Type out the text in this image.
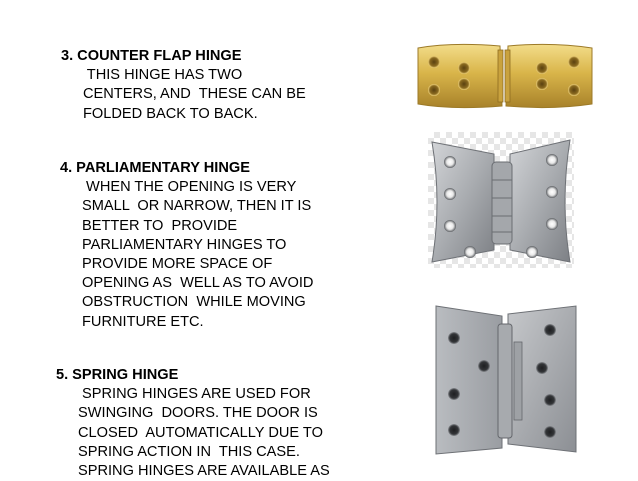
3. COUNTER FLAP HINGE
THIS HINGE HAS TWO
CENTERS, AND  THESE CAN BE
FOLDED BACK TO BACK.
4. PARLIAMENTARY HINGE
WHEN THE OPENING IS VERY
SMALL  OR NARROW, THEN IT IS
BETTER TO  PROVIDE
PARLIAMENTARY HINGES TO
PROVIDE MORE SPACE OF
OPENING AS  WELL AS TO AVOID
OBSTRUCTION  WHILE MOVING
FURNITURE ETC.
5. SPRING HINGE
SPRING HINGES ARE USED FOR
SWINGING  DOORS. THE DOOR IS
CLOSED  AUTOMATICALLY DUE TO
SPRING ACTION IN  THIS CASE.
SPRING HINGES ARE AVAILABLE AS
